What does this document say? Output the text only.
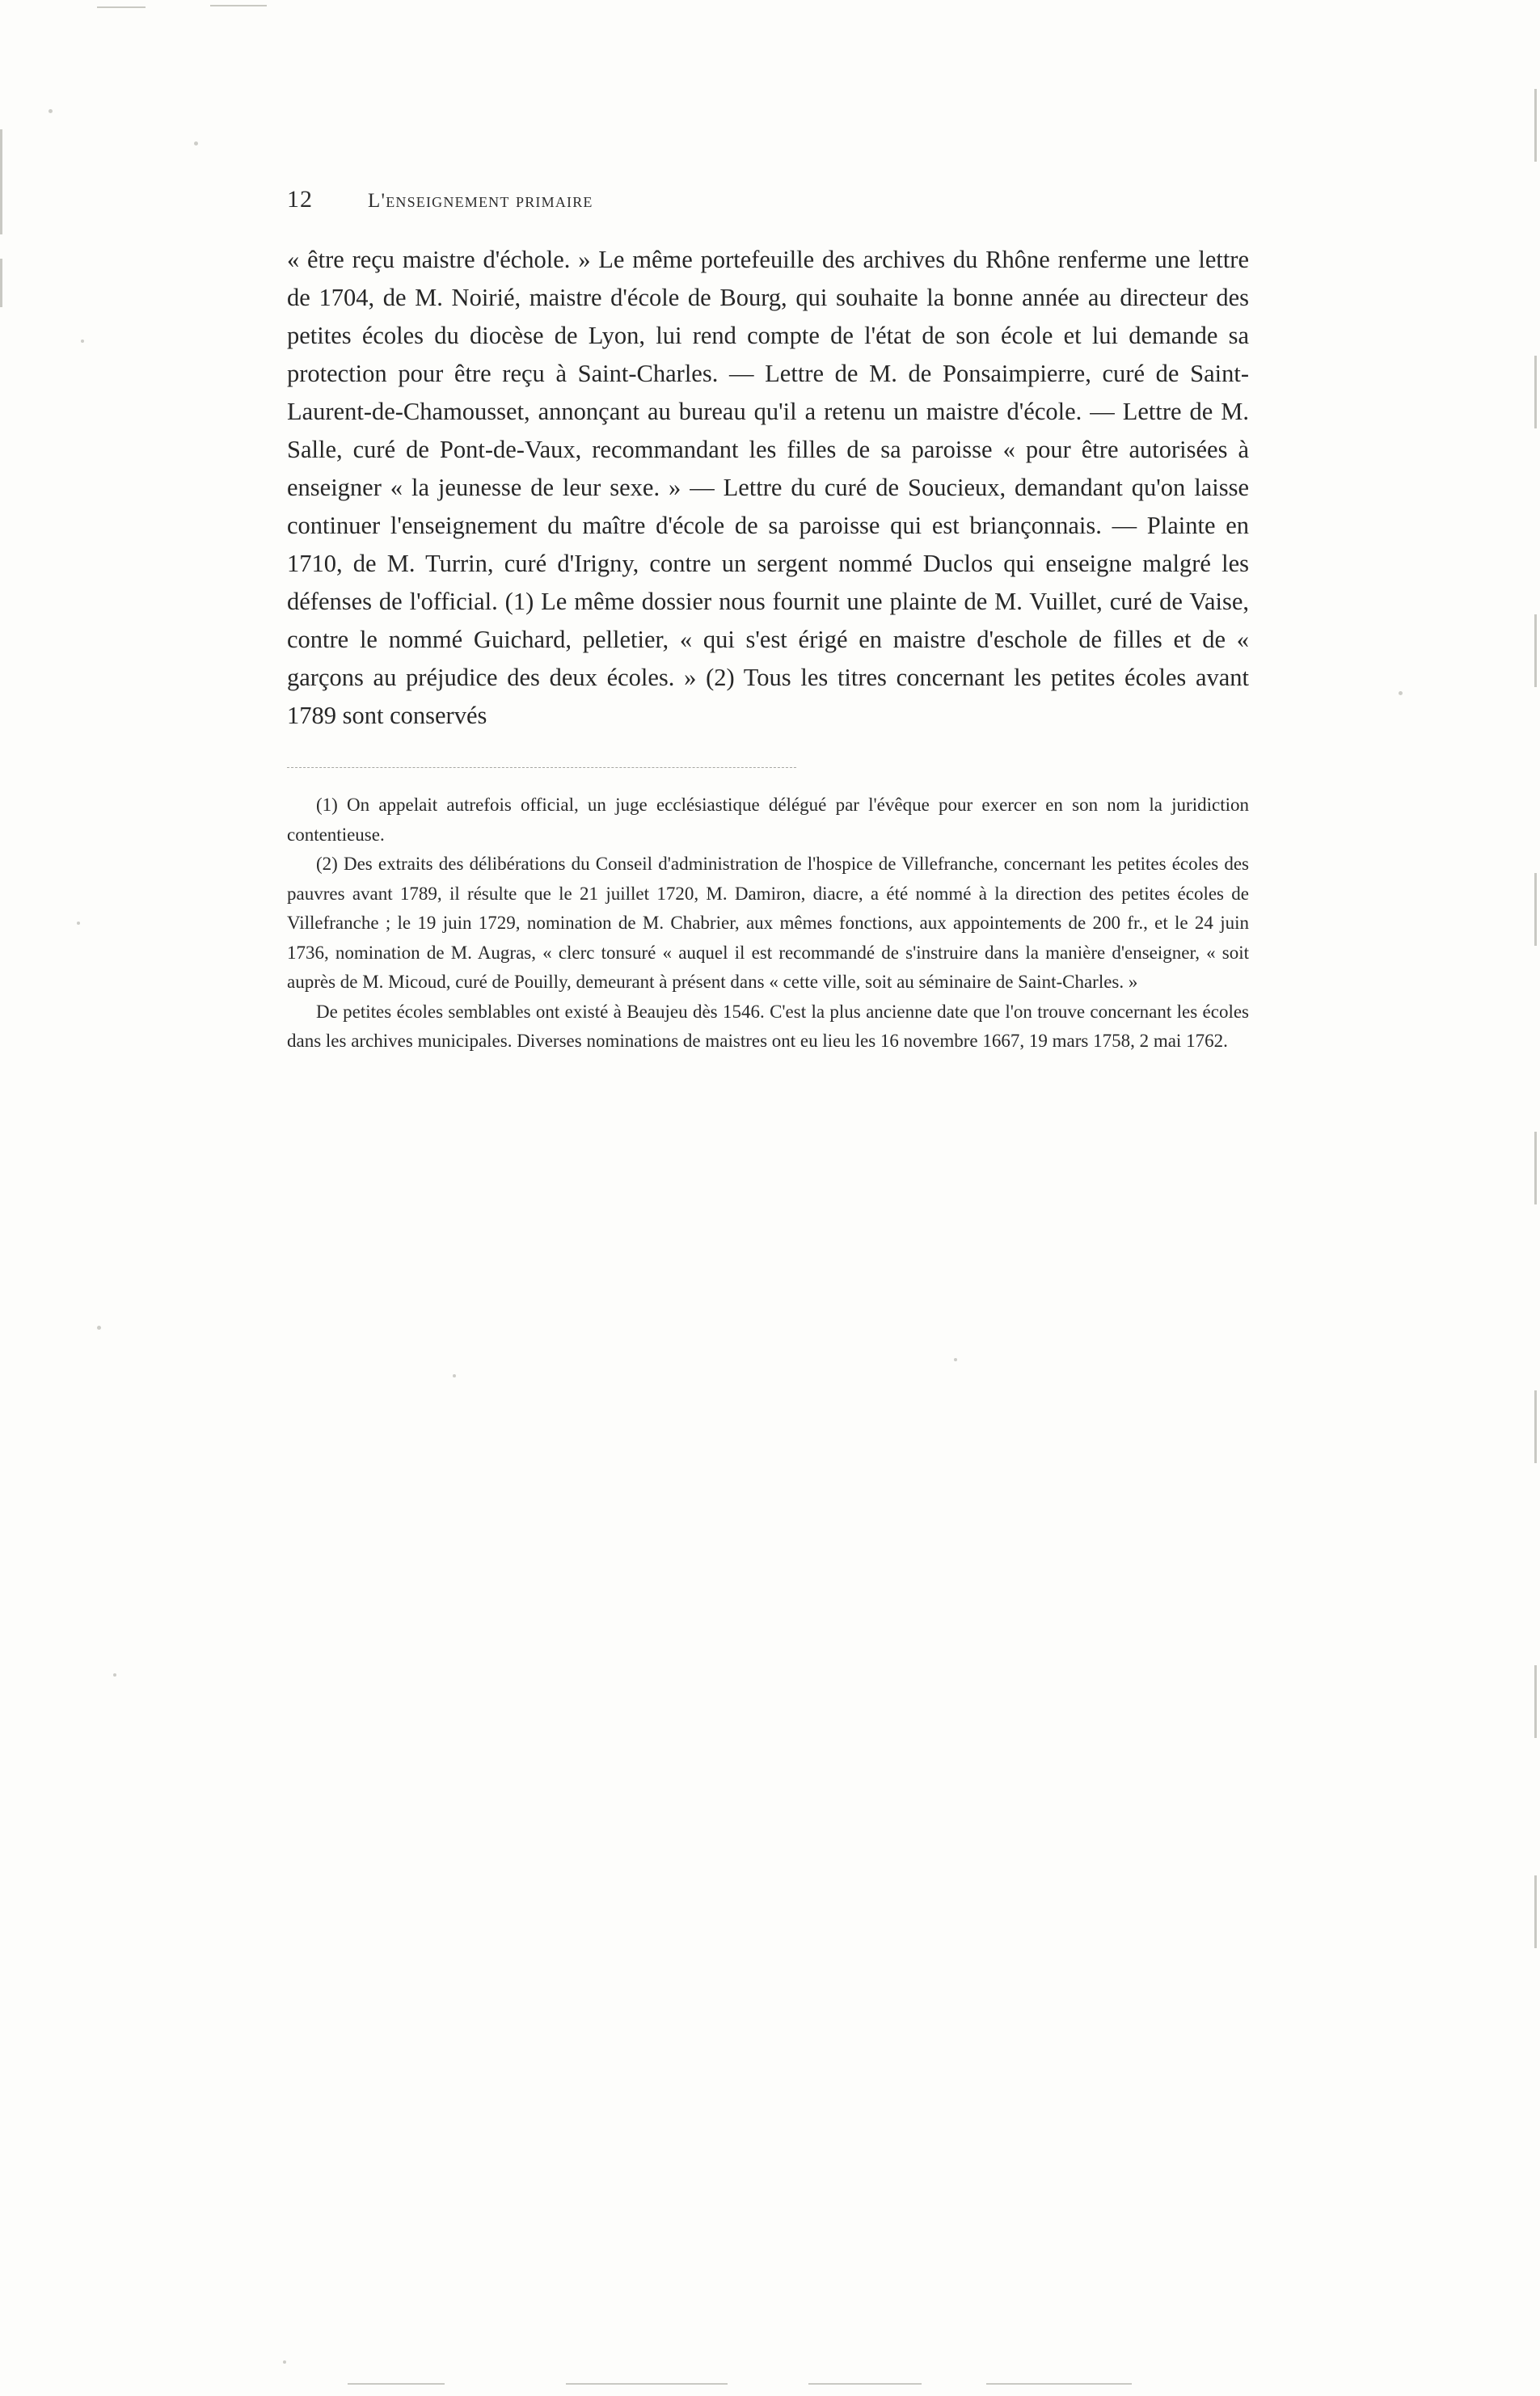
12	l'enseignement primaire
« être reçu maistre d'échole. » Le même portefeuille des archives du Rhône renferme une lettre de 1704, de M. Noirié, maistre d'école de Bourg, qui souhaite la bonne année au directeur des petites écoles du diocèse de Lyon, lui rend compte de l'état de son école et lui demande sa protection pour être reçu à Saint-Charles. — Lettre de M. de Ponsaimpierre, curé de Saint-Laurent-de-Chamousset, annonçant au bureau qu'il a retenu un maistre d'école. — Lettre de M. Salle, curé de Pont-de-Vaux, recommandant les filles de sa paroisse « pour être autorisées à enseigner « la jeunesse de leur sexe. » — Lettre du curé de Soucieux, demandant qu'on laisse continuer l'enseignement du maître d'école de sa paroisse qui est briançonnais. — Plainte en 1710, de M. Turrin, curé d'Irigny, contre un sergent nommé Duclos qui enseigne malgré les défenses de l'official. (1) Le même dossier nous fournit une plainte de M. Vuillet, curé de Vaise, contre le nommé Guichard, pelletier, « qui s'est érigé en maistre d'eschole de filles et de « garçons au préjudice des deux écoles. » (2) Tous les titres concernant les petites écoles avant 1789 sont conservés

(1) On appelait autrefois official, un juge ecclésiastique délégué par l'évêque pour exercer en son nom la juridiction contentieuse.

(2) Des extraits des délibérations du Conseil d'administration de l'hospice de Villefranche, concernant les petites écoles des pauvres avant 1789, il résulte que le 21 juillet 1720, M. Damiron, diacre, a été nommé à la direction des petites écoles de Villefranche ; le 19 juin 1729, nomination de M. Chabrier, aux mêmes fonctions, aux appointements de 200 fr., et le 24 juin 1736, nomination de M. Augras, « clerc tonsuré « auquel il est recommandé de s'instruire dans la manière d'enseigner, « soit auprès de M. Micoud, curé de Pouilly, demeurant à présent dans « cette ville, soit au séminaire de Saint-Charles. »

De petites écoles semblables ont existé à Beaujeu dès 1546. C'est la plus ancienne date que l'on trouve concernant les écoles dans les archives municipales. Diverses nominations de maistres ont eu lieu les 16 novembre 1667, 19 mars 1758, 2 mai 1762.
